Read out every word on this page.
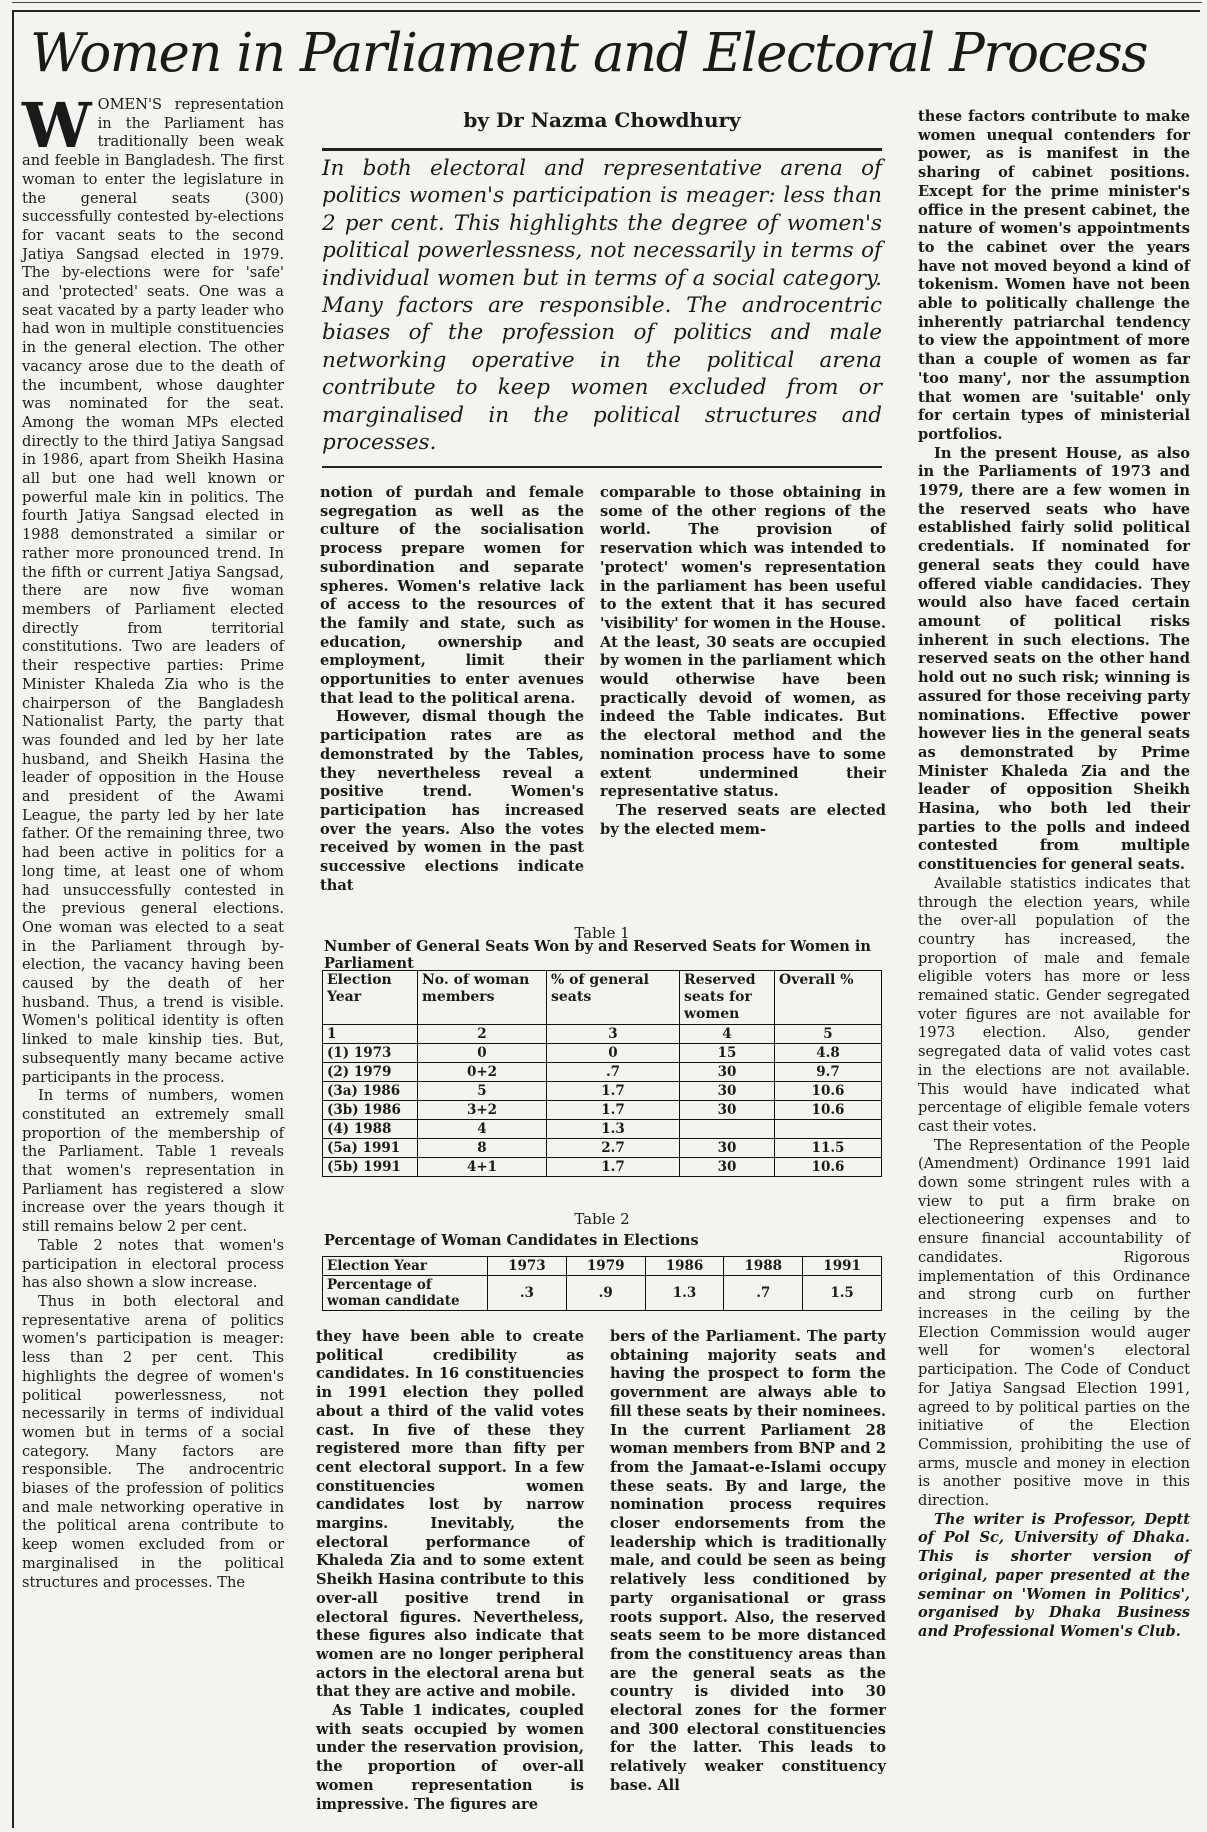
Women in Parliament and Electoral Process

WOMEN'S representation in the Parliament has traditionally been weak and feeble in Bangladesh. The first woman to enter the legislature in the general seats (300) successfully contested by-elections for vacant seats to the second Jatiya Sangsad elected in 1979. The by-elections were for 'safe' and 'protected' seats. One was a seat vacated by a party leader who had won in multiple constituencies in the general election. The other vacancy arose due to the death of the incumbent, whose daughter was nominated for the seat. Among the woman MPs elected directly to the third Jatiya Sangsad in 1986, apart from Sheikh Hasina all but one had well known or powerful male kin in politics. The fourth Jatiya Sangsad elected in 1988 demonstrated a similar or rather more pronounced trend. In the fifth or current Jatiya Sangsad, there are now five woman members of Parliament elected directly from territorial constitutions. Two are leaders of their respective parties: Prime Minister Khaleda Zia who is the chairperson of the Bangladesh Nationalist Party, the party that was founded and led by her late husband, and Sheikh Hasina the leader of opposition in the House and president of the Awami League, the party led by her late father. Of the remaining three, two had been active in politics for a long time, at least one of whom had unsuccessfully contested in the previous general elections. One woman was elected to a seat in the Parliament through by-election, the vacancy having been caused by the death of her husband. Thus, a trend is visible. Women's political identity is often linked to male kinship ties. But, subsequently many became active participants in the process.

In terms of numbers, women constituted an extremely small proportion of the membership of the Parliament. Table 1 reveals that women's representation in Parliament has registered a slow increase over the years though it still remains below 2 per cent.

Table 2 notes that women's participation in electoral process has also shown a slow increase.

Thus in both electoral and representative arena of politics women's participation is meager: less than 2 per cent. This highlights the degree of women's political powerlessness, not necessarily in terms of individual women but in terms of a social category. Many factors are responsible. The androcentric biases of the profession of politics and male networking operative in the political arena contribute to keep women excluded from or marginalised in the political structures and processes. The

by Dr Nazma Chowdhury
In both electoral and representative arena of politics women's participation is meager: less than 2 per cent. This highlights the degree of women's political powerlessness, not necessarily in terms of individual women but in terms of a social category. Many factors are responsible. The androcentric biases of the profession of politics and male networking operative in the political arena contribute to keep women excluded from or marginalised in the political structures and processes.

notion of purdah and female segregation as well as the culture of the socialisation process prepare women for subordination and separate spheres. Women's relative lack of access to the resources of the family and state, such as education, ownership and employment, limit their opportunities to enter avenues that lead to the political arena.

However, dismal though the participation rates are as demonstrated by the Tables, they nevertheless reveal a positive trend. Women's participation has increased over the years. Also the votes received by women in the past successive elections indicate that

comparable to those obtaining in some of the other regions of the world. The provision of reservation which was intended to 'protect' women's representation in the parliament has been useful to the extent that it has secured 'visibility' for women in the House. At the least, 30 seats are occupied by women in the parliament which would otherwise have been practically devoid of women, as indeed the Table indicates. But the electoral method and the nomination process have to some extent undermined their representative status.

The reserved seats are elected by the elected mem-

Table 1
Number of General Seats Won by and Reserved Seats for Women in Parliament
Election Year	No. of woman members	% of general seats	Reserved seats for women	Overall %
1	2	3	4	5
(1) 1973	0	0	15	4.8
(2) 1979	0+2	.7	30	9.7
(3a) 1986	5	1.7	30	10.6
(3b) 1986	3+2	1.7	30	10.6
(4) 1988	4	1.3		
(5a) 1991	8	2.7	30	11.5
(5b) 1991	4+1	1.7	30	10.6
Table 2
Percentage of Woman Candidates in Elections
Election Year	1973	1979	1986	1988	1991
Percentage of woman candidate	.3	.9	1.3	.7	1.5

they have been able to create political credibility as candidates. In 16 constituencies in 1991 election they polled about a third of the valid votes cast. In five of these they registered more than fifty per cent electoral support. In a few constituencies women candidates lost by narrow margins. Inevitably, the electoral performance of Khaleda Zia and to some extent Sheikh Hasina contribute to this over-all positive trend in electoral figures. Nevertheless, these figures also indicate that women are no longer peripheral actors in the electoral arena but that they are active and mobile.

As Table 1 indicates, coupled with seats occupied by women under the reservation provision, the proportion of over-all women representation is impressive. The figures are

bers of the Parliament. The party obtaining majority seats and having the prospect to form the government are always able to fill these seats by their nominees. In the current Parliament 28 woman members from BNP and 2 from the Jamaat-e-Islami occupy these seats. By and large, the nomination process requires closer endorsements from the leadership which is traditionally male, and could be seen as being relatively less conditioned by party organisational or grass roots support. Also, the reserved seats seem to be more distanced from the constituency areas than are the general seats as the country is divided into 30 electoral zones for the former and 300 electoral constituencies for the latter. This leads to relatively weaker constituency base. All

these factors contribute to make women unequal contenders for power, as is manifest in the sharing of cabinet positions. Except for the prime minister's office in the present cabinet, the nature of women's appointments to the cabinet over the years have not moved beyond a kind of tokenism. Women have not been able to politically challenge the inherently patriarchal tendency to view the appointment of more than a couple of women as far 'too many', nor the assumption that women are 'suitable' only for certain types of ministerial portfolios.

In the present House, as also in the Parliaments of 1973 and 1979, there are a few women in the reserved seats who have established fairly solid political credentials. If nominated for general seats they could have offered viable candidacies. They would also have faced certain amount of political risks inherent in such elections. The reserved seats on the other hand hold out no such risk; winning is assured for those receiving party nominations. Effective power however lies in the general seats as demonstrated by Prime Minister Khaleda Zia and the leader of opposition Sheikh Hasina, who both led their parties to the polls and indeed contested from multiple constituencies for general seats.

Available statistics indicates that through the election years, while the over-all population of the country has increased, the proportion of male and female eligible voters has more or less remained static. Gender segregated voter figures are not available for 1973 election. Also, gender segregated data of valid votes cast in the elections are not available. This would have indicated what percentage of eligible female voters cast their votes.

The Representation of the People (Amendment) Ordinance 1991 laid down some stringent rules with a view to put a firm brake on electioneering expenses and to ensure financial accountability of candidates. Rigorous implementation of this Ordinance and strong curb on further increases in the ceiling by the Election Commission would auger well for women's electoral participation. The Code of Conduct for Jatiya Sangsad Election 1991, agreed to by political parties on the initiative of the Election Commission, prohibiting the use of arms, muscle and money in election is another positive move in this direction.

The writer is Professor, Deptt of Pol Sc, University of Dhaka. This is shorter version of original, paper presented at the seminar on 'Women in Politics', organised by Dhaka Business and Professional Women's Club.
